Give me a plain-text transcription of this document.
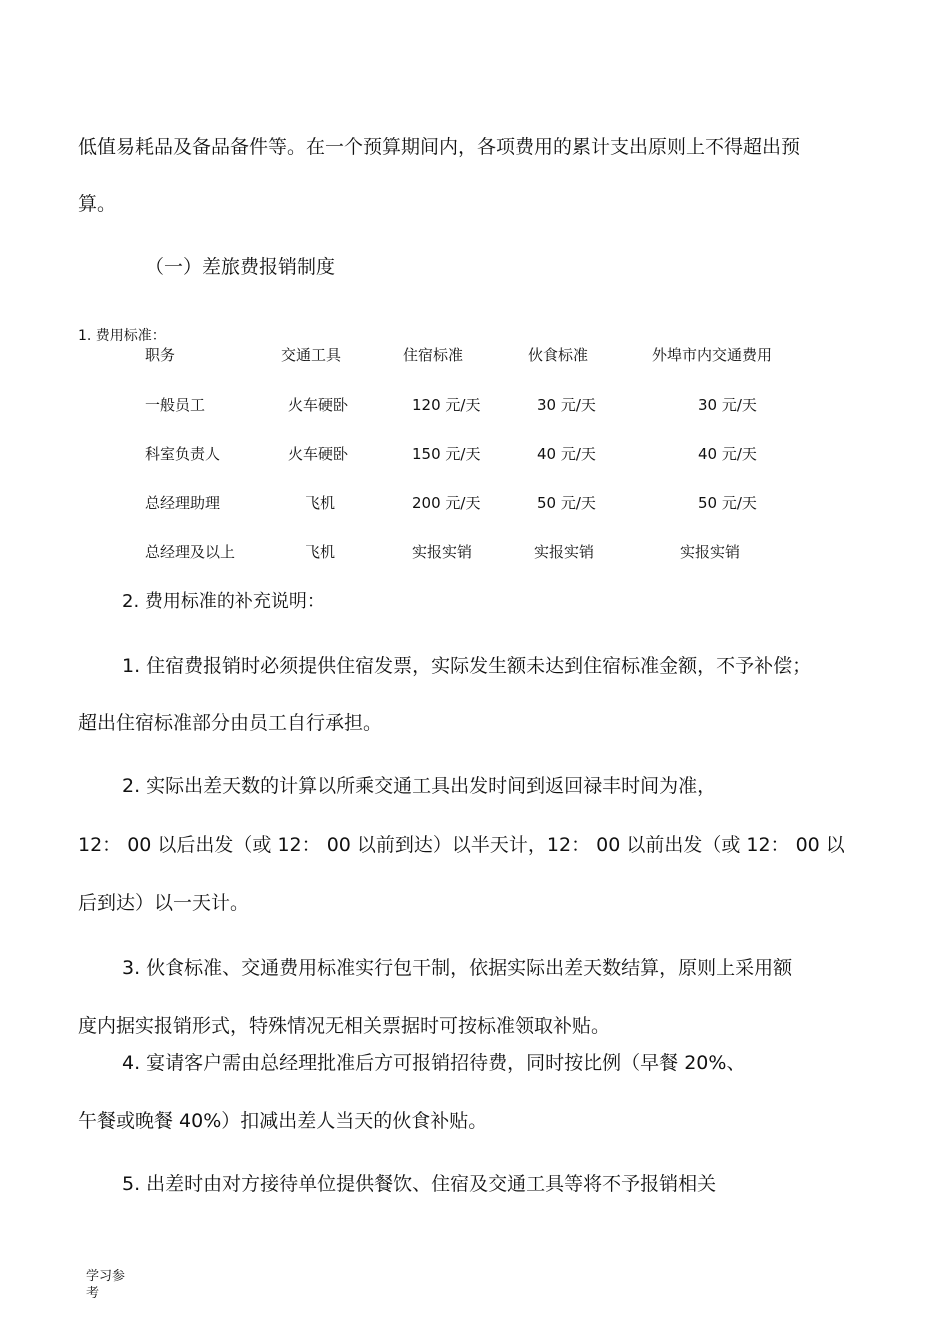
低值易耗品及备品备件等。在一个预算期间内，各项费用的累计支出原则上不得超出预
算。
（一）差旅费报销制度
1. 费用标准：
职务	交通工具	住宿标准	伙食标准	外埠市内交通费用
一般员工	火车硬卧	120 元/天	30 元/天	30 元/天
科室负责人	火车硬卧	150 元/天	40 元/天	40 元/天
总经理助理	飞机	200 元/天	50 元/天	50 元/天
总经理及以上	飞机	实报实销	实报实销	实报实销
2. 费用标准的补充说明：
1. 住宿费报销时必须提供住宿发票，实际发生额未达到住宿标准金额，不予补偿；
超出住宿标准部分由员工自行承担。
2. 实际出差天数的计算以所乘交通工具出发时间到返回禄丰时间为准，
12： 00 以后出发（或 12： 00 以前到达）以半天计，12： 00 以前出发（或 12： 00 以
后到达）以一天计。
3. 伙食标准、交通费用标准实行包干制，依据实际出差天数结算，原则上采用额
度内据实报销形式，特殊情况无相关票据时可按标准领取补贴。
4. 宴请客户需由总经理批准后方可报销招待费，同时按比例（早餐 20%、
午餐或晚餐 40%）扣减出差人当天的伙食补贴。
5. 出差时由对方接待单位提供餐饮、住宿及交通工具等将不予报销相关
学习参考
